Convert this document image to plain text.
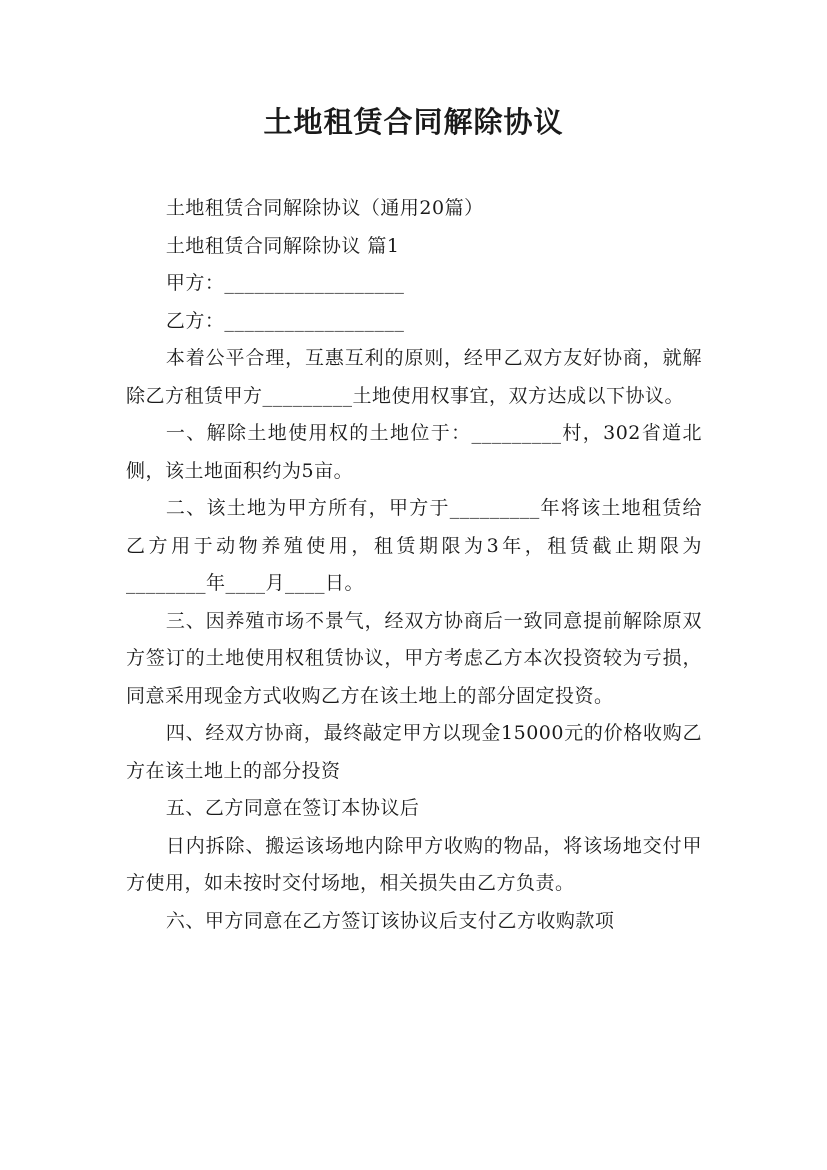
土地租赁合同解除协议

土地租赁合同解除协议（通用20篇）

土地租赁合同解除协议 篇1

甲方：__________________

乙方：__________________

本着公平合理，互惠互利的原则，经甲乙双方友好协商，就解除乙方租赁甲方_________土地使用权事宜，双方达成以下协议。

一、解除土地使用权的土地位于：_________村，302省道北侧，该土地面积约为5亩。

二、该土地为甲方所有，甲方于_________年将该土地租赁给乙方用于动物养殖使用，租赁期限为3年，租赁截止期限为________年____月____日。

三、因养殖市场不景气，经双方协商后一致同意提前解除原双方签订的土地使用权租赁协议，甲方考虑乙方本次投资较为亏损，同意采用现金方式收购乙方在该土地上的部分固定投资。

四、经双方协商，最终敲定甲方以现金15000元的价格收购乙方在该土地上的部分投资

五、乙方同意在签订本协议后

日内拆除、搬运该场地内除甲方收购的物品，将该场地交付甲方使用，如未按时交付场地，相关损失由乙方负责。

六、甲方同意在乙方签订该协议后支付乙方收购款项
